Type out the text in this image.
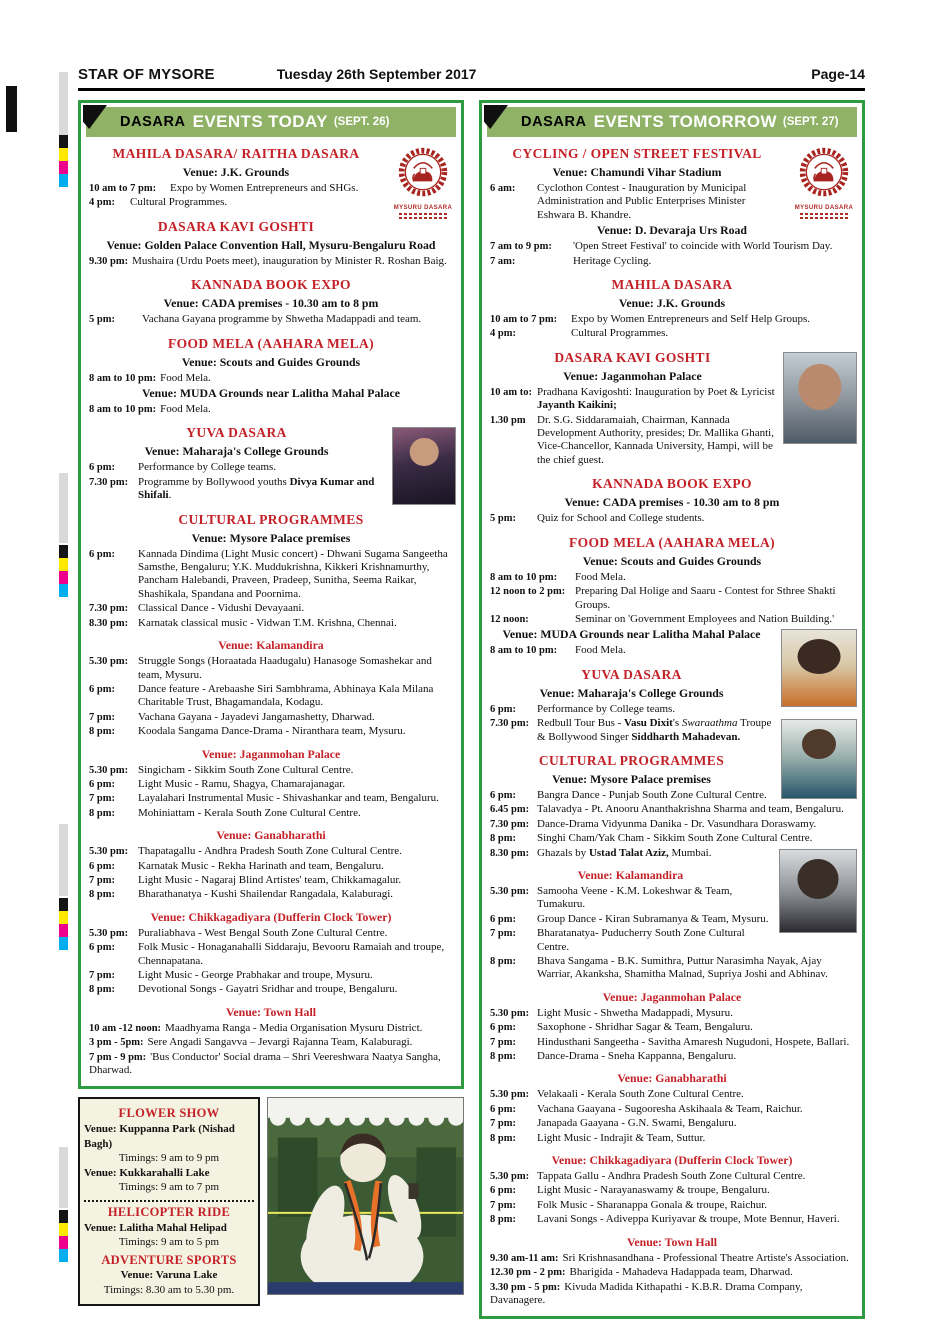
STAR OF MYSORE	Tuesday 26th September 2017	Page-14
DASARA EVENTS TODAY (SEPT. 26)
MYSURU DASARA
MAHILA DASARA/ RAITHA DASARA
Venue: J.K. Grounds
10 am to 7 pm: Expo by Women Entrepreneurs and SHGs.
4 pm: Cultural Programmes.
DASARA KAVI GOSHTI
Venue: Golden Palace Convention Hall, Mysuru-Bengaluru Road
9.30 pm: Mushaira (Urdu Poets meet), inauguration by Minister R. Roshan Baig.
KANNADA BOOK EXPO
Venue: CADA premises - 10.30 am to 8 pm
5 pm: Vachana Gayana programme by Shwetha Madappadi and team.
FOOD MELA (AAHARA MELA)
Venue: Scouts and Guides Grounds
8 am to 10 pm: Food Mela.
Venue: MUDA Grounds near Lalitha Mahal Palace
8 am to 10 pm: Food Mela.
YUVA DASARA
Venue: Maharaja's College Grounds
6 pm: Performance by College teams.
7.30 pm: Programme by Bollywood youths Divya Kumar and Shifali.
CULTURAL PROGRAMMES
Venue: Mysore Palace premises
6 pm: Kannada Dindima (Light Music concert) - Dhwani Sugama Sangeetha Samsthe, Bengaluru; Y.K. Muddukrishna, Kikkeri Krishnamurthy, Pancham Halebandi, Praveen, Pradeep, Sunitha, Seema Raikar, Shashikala, Spandana and Poornima.
7.30 pm: Classical Dance - Vidushi Devayaani.
8.30 pm: Karnatak classical music - Vidwan T.M. Krishna, Chennai.
Venue: Kalamandira
5.30 pm: Struggle Songs (Horaatada Haadugalu) Hanasoge Somashekar and team, Mysuru.
6 pm: Dance feature - Arebaashe Siri Sambhrama, Abhinaya Kala Milana Charitable Trust, Bhagamandala, Kodagu.
7 pm: Vachana Gayana - Jayadevi Jangamashetty, Dharwad.
8 pm: Koodala Sangama Dance-Drama - Niranthara team, Mysuru.
Venue: Jaganmohan Palace
5.30 pm: Singicham - Sikkim South Zone Cultural Centre.
6 pm: Light Music - Ramu, Shagya, Chamarajanagar.
7 pm: Layalahari Instrumental Music - Shivashankar and team, Bengaluru.
8 pm: Mohiniattam - Kerala South Zone Cultural Centre.
Venue: Ganabharathi
5.30 pm: Thapatagallu - Andhra Pradesh South Zone Cultural Centre.
6 pm: Karnatak Music - Rekha Harinath and team, Bengaluru.
7 pm: Light Music - Nagaraj Blind Artistes' team, Chikkamagalur.
8 pm: Bharathanatya - Kushi Shailendar Rangadala, Kalaburagi.
Venue: Chikkagadiyara (Dufferin Clock Tower)
5.30 pm: Puraliabhava - West Bengal South Zone Cultural Centre.
6 pm: Folk Music - Honaganahalli Siddaraju, Bevooru Ramaiah and troupe, Chennapatana.
7 pm: Light Music - George Prabhakar and troupe, Mysuru.
8 pm: Devotional Songs - Gayatri Sridhar and troupe, Bengaluru.
Venue: Town Hall
10 am -12 noon: Maadhyama Ranga - Media Organisation Mysuru District.
3 pm - 5pm: Sere Angadi Sangavva – Jevargi Rajanna Team, Kalaburagi.
7 pm - 9 pm: 'Bus Conductor' Social drama – Shri Veereshwara Naatya Sangha, Dharwad.
FLOWER SHOW
Venue: Kuppanna Park (Nishad Bagh)
Timings: 9 am to 9 pm
Venue: Kukkarahalli Lake
Timings: 9 am to 7 pm
HELICOPTER RIDE
Venue: Lalitha Mahal Helipad
Timings: 9 am to 5 pm
ADVENTURE SPORTS
Venue: Varuna Lake
Timings: 8.30 am to 5.30 pm.
DASARA EVENTS TOMORROW (SEPT. 27)
MYSURU DASARA
CYCLING / OPEN STREET FESTIVAL
Venue: Chamundi Vihar Stadium
6 am: Cyclothon Contest - Inauguration by Municipal Administration and Public Enterprises Minister Eshwara B. Khandre.
Venue: D. Devaraja Urs Road
7 am to 9 pm: 'Open Street Festival' to coincide with World Tourism Day.
7 am:	Heritage Cycling.
MAHILA DASARA
Venue: J.K. Grounds
10 am to 7 pm: Expo by Women Entrepreneurs and Self Help Groups.
4 pm:	Cultural Programmes.
DASARA KAVI GOSHTI
Venue: Jaganmohan Palace
10 am to: Pradhana Kavigoshti: Inauguration by Poet & Lyricist Jayanth Kaikini;
1.30 pm Dr. S.G. Siddaramaiah, Chairman, Kannada Development Authority, presides; Dr. Mallika Ghanti, Vice-Chancellor, Kannada University, Hampi, will be the chief guest.
KANNADA BOOK EXPO
Venue: CADA premises - 10.30 am to 8 pm
5 pm: Quiz for School and College students.
FOOD MELA (AAHARA MELA)
Venue: Scouts and Guides Grounds
8 am to 10 pm: Food Mela.
12 noon to 2 pm: Preparing Dal Holige and Saaru - Contest for Sthree Shakti Groups.
12 noon:	Seminar on 'Government Employees and Nation Building.'
Venue: MUDA Grounds near Lalitha Mahal Palace
8 am to 10 pm: Food Mela.
YUVA DASARA
Venue: Maharaja's College Grounds
6 pm: Performance by College teams.
7.30 pm: Redbull Tour Bus - Vasu Dixit's Swaraathma Troupe & Bollywood Singer Siddharth Mahadevan.
CULTURAL PROGRAMMES
Venue: Mysore Palace premises
6 pm: Bangra Dance - Punjab South Zone Cultural Centre.
6.45 pm: Talavadya - Pt. Anooru Ananthakrishna Sharma and team, Bengaluru.
7.30 pm: Dance-Drama Vidyunma Danika - Dr. Vasundhara Doraswamy.
8 pm: Singhi Cham/Yak Cham - Sikkim South Zone Cultural Centre.
8.30 pm: Ghazals by Ustad Talat Aziz, Mumbai.
Venue: Kalamandira
5.30 pm: Samooha Veene - K.M. Lokeshwar & Team, Tumakuru.
6 pm: Group Dance - Kiran Subramanya & Team, Mysuru.
7 pm: Bharatanatya- Puducherry South Zone Cultural Centre.
8 pm: Bhava Sangama - B.K. Sumithra, Puttur Narasimha Nayak, Ajay Warriar, Akanksha, Shamitha Malnad, Supriya Joshi and Abhinav.
Venue: Jaganmohan Palace
5.30 pm: Light Music - Shwetha Madappadi, Mysuru.
6 pm: Saxophone - Shridhar Sagar & Team, Bengaluru.
7 pm: Hindusthani Sangeetha - Savitha Amaresh Nugudoni, Hospete, Ballari.
8 pm: Dance-Drama - Sneha Kappanna, Bengaluru.
Venue: Ganabharathi
5.30 pm: Velakaali - Kerala South Zone Cultural Centre.
6 pm: Vachana Gaayana - Sugooresha Askihaala & Team, Raichur.
7 pm: Janapada Gaayana - G.N. Swami, Bengaluru.
8 pm: Light Music - Indrajit & Team, Suttur.
Venue: Chikkagadiyara (Dufferin Clock Tower)
5.30 pm: Tappata Gallu - Andhra Pradesh South Zone Cultural Centre.
6 pm: Light Music - Narayanaswamy & troupe, Bengaluru.
7 pm: Folk Music - Sharanappa Gonala & troupe, Raichur.
8 pm: Lavani Songs - Adiveppa Kuriyavar & troupe, Mote Bennur, Haveri.
Venue: Town Hall
9.30 am-11 am: Sri Krishnasandhana - Professional Theatre Artiste's Association.
12.30 pm - 2 pm: Bharigida - Mahadeva Hadappada team, Dharwad.
3.30 pm - 5 pm: Kivuda Madida Kithapathi - K.B.R. Drama Company, Davanagere.
